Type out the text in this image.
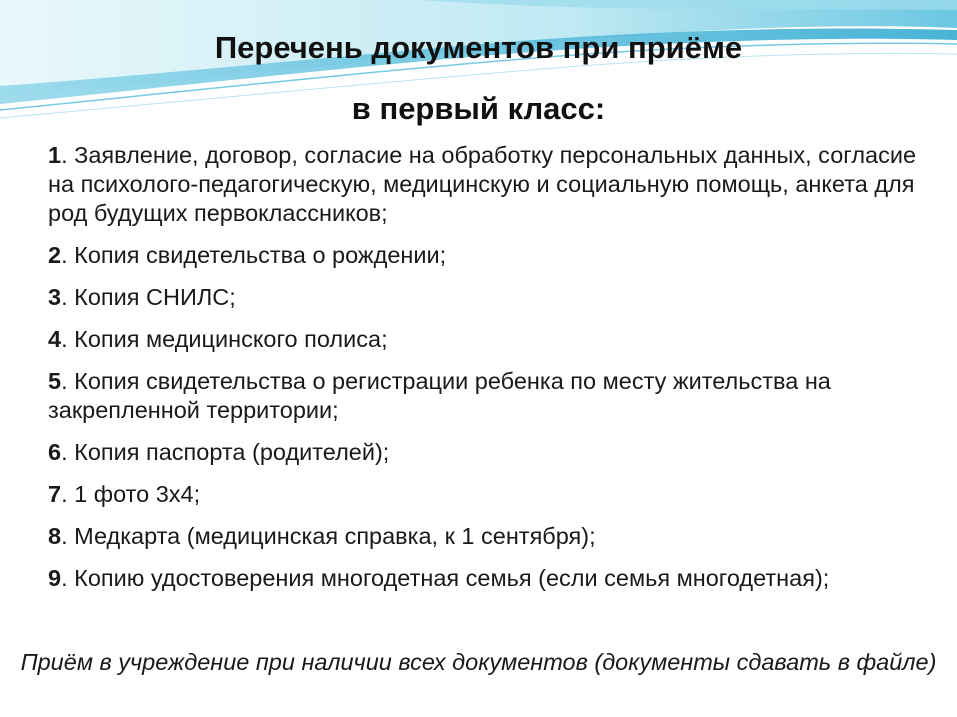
Перечень документов при приёме
в первый класс:
1. Заявление, договор, согласие на обработку персональных данных, согласие на психолого-педагогическую, медицинскую и социальную помощь, анкета для род будущих первоклассников;
2. Копия свидетельства о рождении;
3. Копия СНИЛС;
4. Копия медицинского полиса;
5. Копия свидетельства о регистрации ребенка по месту жительства на закрепленной территории;
6. Копия паспорта (родителей);
7. 1 фото 3х4;
8. Медкарта (медицинская справка, к 1 сентября);
9. Копию удостоверения многодетная семья (если семья многодетная);

Приём в учреждение при наличии всех документов (документы сдавать в файле)
